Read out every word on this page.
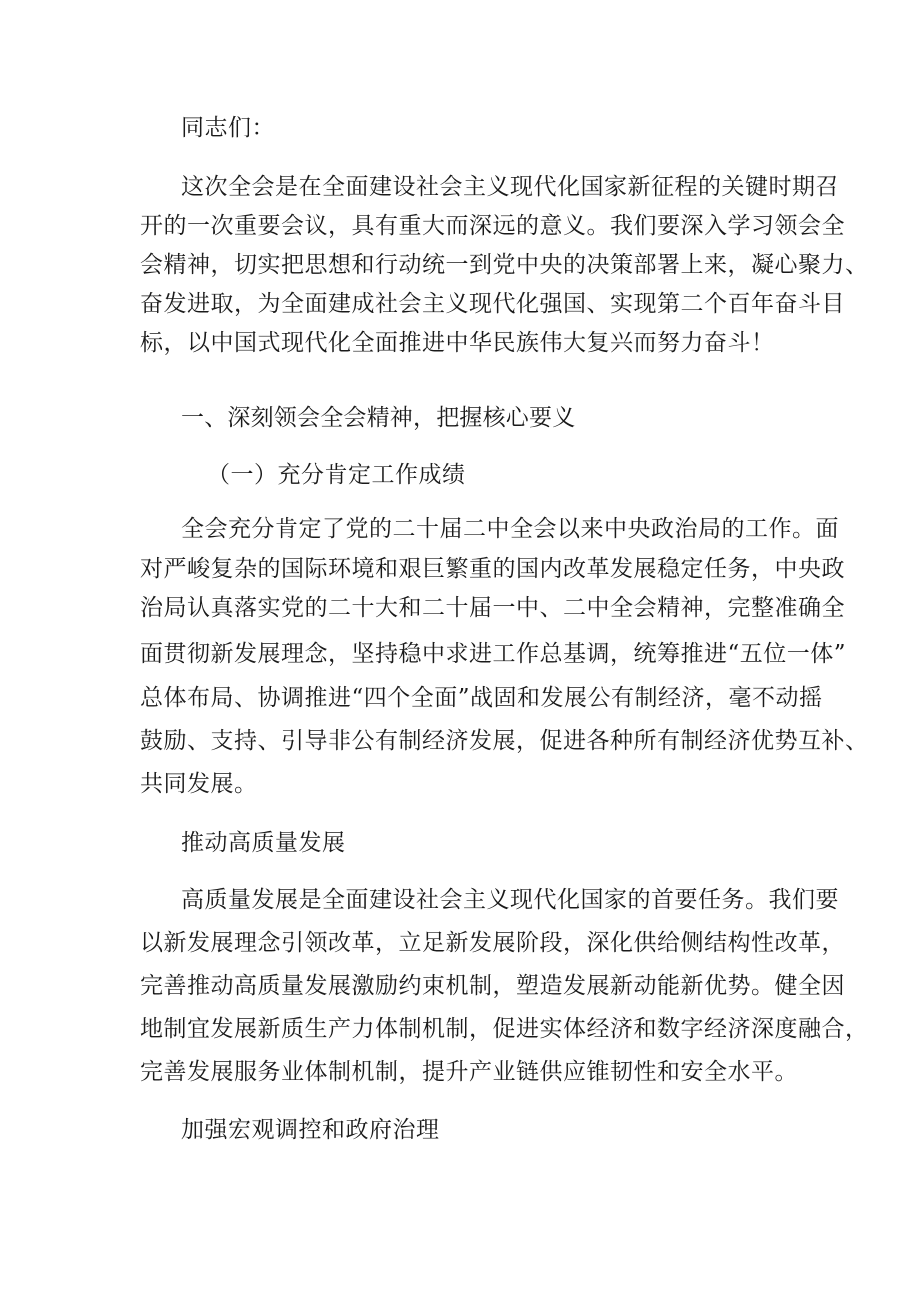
同志们：
这次全会是在全面建设社会主义现代化国家新征程的关键时期召
开的一次重要会议，具有重大而深远的意义。我们要深入学习领会全
会精神，切实把思想和行动统一到党中央的决策部署上来，凝心聚力、
奋发进取，为全面建成社会主义现代化强国、实现第二个百年奋斗目
标，以中国式现代化全面推进中华民族伟大复兴而努力奋斗！
一、深刻领会全会精神，把握核心要义
（一）充分肯定工作成绩
全会充分肯定了党的二十届二中全会以来中央政治局的工作。面
对严峻复杂的国际环境和艰巨繁重的国内改革发展稳定任务，中央政
治局认真落实党的二十大和二十届一中、二中全会精神，完整准确全
面贯彻新发展理念，坚持稳中求进工作总基调，统筹推进“五位一体”
总体布局、协调推进“四个全面”战固和发展公有制经济，毫不动摇
鼓励、支持、引导非公有制经济发展，促进各种所有制经济优势互补、
共同发展。
推动高质量发展
高质量发展是全面建设社会主义现代化国家的首要任务。我们要
以新发展理念引领改革，立足新发展阶段，深化供给侧结构性改革，
完善推动高质量发展激励约束机制，塑造发展新动能新优势。健全因
地制宜发展新质生产力体制机制，促进实体经济和数字经济深度融合，
完善发展服务业体制机制，提升产业链供应锥韧性和安全水平。
加强宏观调控和政府治理
